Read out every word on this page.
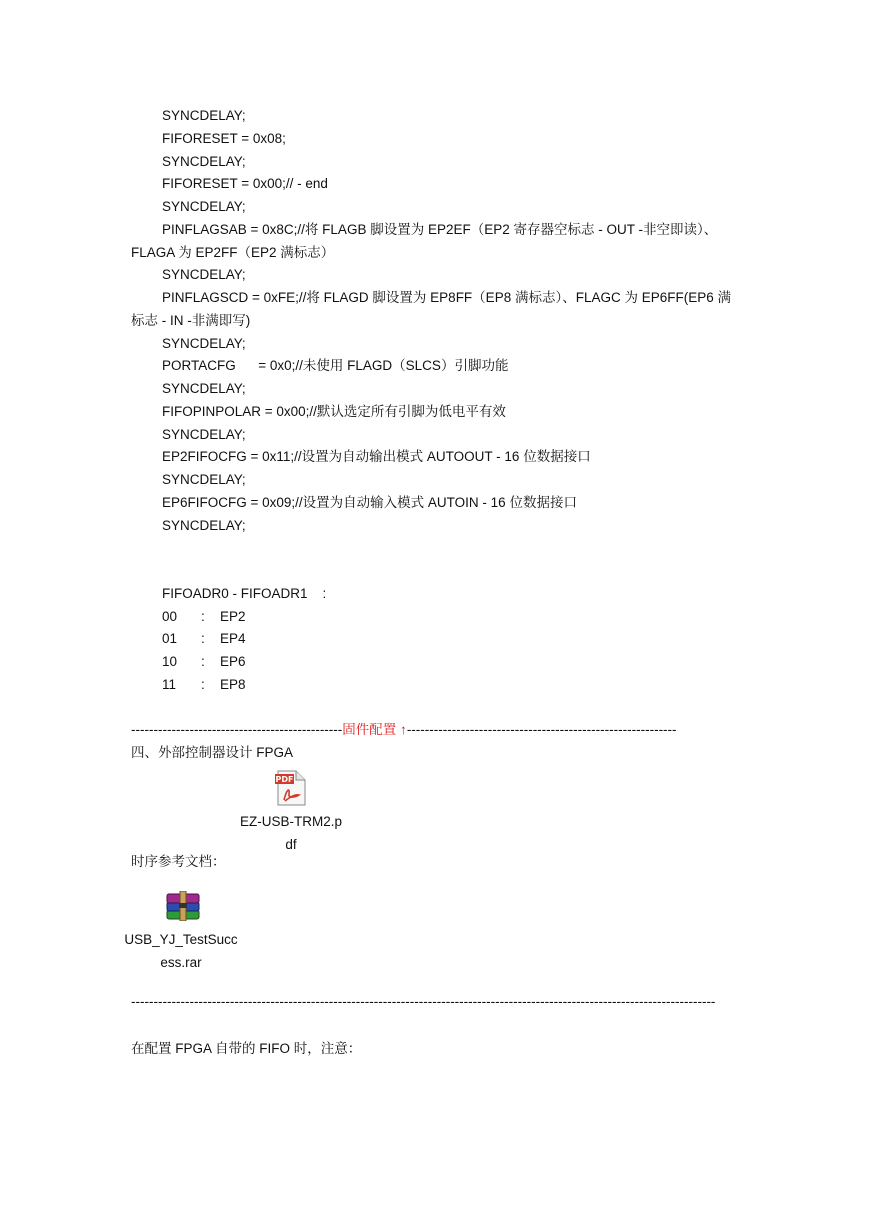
SYNCDELAY;
FIFORESET = 0x08;
SYNCDELAY;
FIFORESET = 0x00;// - end
SYNCDELAY;
PINFLAGSAB = 0x8C;//将 FLAGB 脚设置为 EP2EF（EP2 寄存器空标志 - OUT -非空即读）、
FLAGA 为 EP2FF（EP2 满标志）
SYNCDELAY;
PINFLAGSCD = 0xFE;//将 FLAGD 脚设置为 EP8FF（EP8 满标志）、FLAGC 为 EP6FF(EP6 满
标志 - IN -非满即写)
SYNCDELAY;
PORTACFG      = 0x0;//未使用 FLAGD（SLCS）引脚功能
SYNCDELAY;
FIFOPINPOLAR = 0x00;//默认选定所有引脚为低电平有效
SYNCDELAY;
EP2FIFOCFG = 0x11;//设置为自动输出模式 AUTOOUT - 16 位数据接口
SYNCDELAY;
EP6FIFOCFG = 0x09;//设置为自动输入模式 AUTOIN - 16 位数据接口
SYNCDELAY;
FIFOADR0 - FIFOADR1    :
00 : EP2
01 : EP4
10 : EP6
11 : EP8
-----------------------------------------------固件配置 ↑------------------------------------------------------------
四、外部控制器设计 FPGA
PDF
EZ-USB-TRM2.p
df
时序参考文档：
USB_YJ_TestSucc
ess.rar
----------------------------------------------------------------------------------------------------------------------------------
在配置 FPGA 自带的 FIFO 时，注意：
